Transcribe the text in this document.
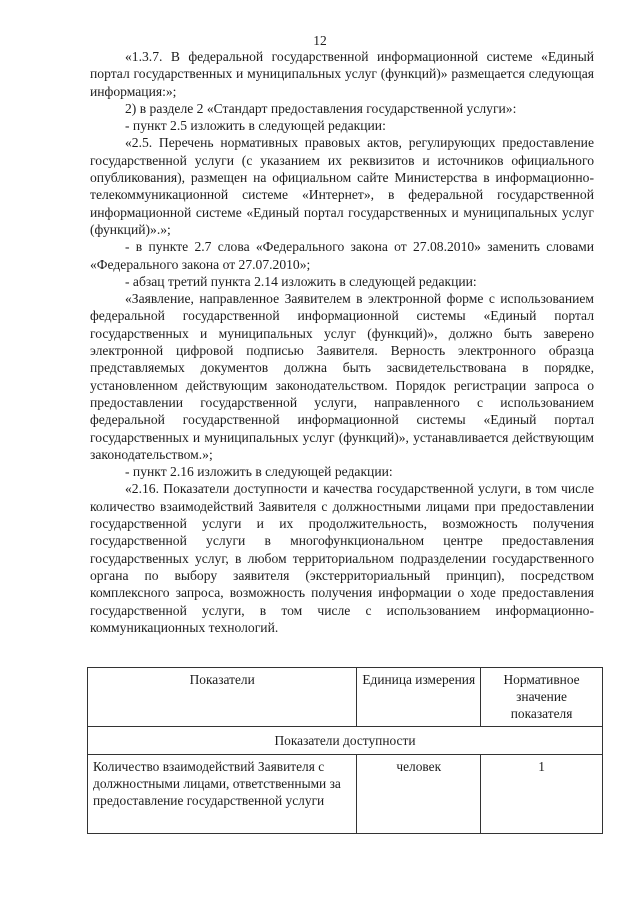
12

«1.3.7. В федеральной государственной информационной системе «Единый портал государственных и муниципальных услуг (функций)» размещается следующая информация:»;

2) в разделе 2 «Стандарт предоставления государственной услуги»:

- пункт 2.5 изложить в следующей редакции:

«2.5. Перечень нормативных правовых актов, регулирующих предоставление государственной услуги (с указанием их реквизитов и источников официального опубликования), размещен на официальном сайте Министерства в информационно-телекоммуникационной системе «Интернет», в федеральной государственной информационной системе «Единый портал государственных и муниципальных услуг (функций)».»;

- в пункте 2.7 слова «Федерального закона от 27.08.2010» заменить словами «Федерального закона от 27.07.2010»;

- абзац третий пункта 2.14 изложить в следующей редакции:

«Заявление, направленное Заявителем в электронной форме с использованием федеральной государственной информационной системы «Единый портал государственных и муниципальных услуг (функций)», должно быть заверено электронной цифровой подписью Заявителя. Верность электронного образца представляемых документов должна быть засвидетельствована в порядке, установленном действующим законодательством. Порядок регистрации запроса о предоставлении государственной услуги, направленного с использованием федеральной государственной информационной системы «Единый портал государственных и муниципальных услуг (функций)», устанавливается действующим законодательством.»;

- пункт 2.16 изложить в следующей редакции:

«2.16. Показатели доступности и качества государственной услуги, в том числе количество взаимодействий Заявителя с должностными лицами при предоставлении государственной услуги и их продолжительность, возможность получения государственной услуги в многофункциональном центре предоставления государственных услуг, в любом территориальном подразделении государственного органа по выбору заявителя (экстерриториальный принцип), посредством комплексного запроса, возможность получения информации о ходе предоставления государственной услуги, в том числе с использованием информационно-коммуникационных технологий.

Показатели	Единица измерения	Нормативное значение показателя
Показатели доступности		
Количество взаимодействий Заявителя с должностными лицами, ответственными за предоставление государственной услуги	человек	1
